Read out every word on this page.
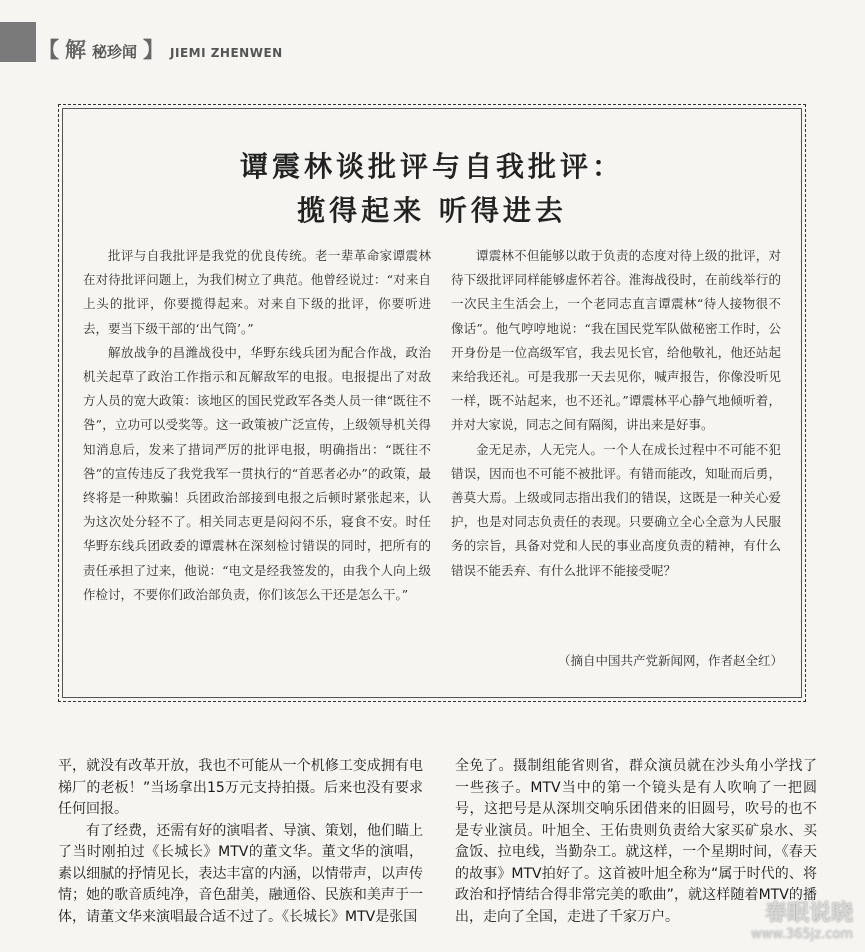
【 解 秘珍闻 】 JIEMI ZHENWEN
谭震林谈批评与自我批评：
揽得起来 听得进去

批评与自我批评是我党的优良传统。老一辈革命家谭震林在对待批评问题上，为我们树立了典范。他曾经说过：“对来自上头的批评，你要揽得起来。对来自下级的批评，你要听进去，要当下级干部的‘出气筒’。”

解放战争的昌潍战役中，华野东线兵团为配合作战，政治机关起草了政治工作指示和瓦解敌军的电报。电报提出了对敌方人员的宽大政策：该地区的国民党政军各类人员一律“既往不咎”，立功可以受奖等。这一政策被广泛宣传，上级领导机关得知消息后，发来了措词严厉的批评电报，明确指出：“既往不咎”的宣传违反了我党我军一贯执行的“首恶者必办”的政策，最终将是一种欺骗！兵团政治部接到电报之后顿时紧张起来，认为这次处分轻不了。相关同志更是闷闷不乐，寝食不安。时任华野东线兵团政委的谭震林在深刻检讨错误的同时，把所有的责任承担了过来，他说：“电文是经我签发的，由我个人向上级作检讨，不要你们政治部负责，你们该怎么干还是怎么干。”

谭震林不但能够以敢于负责的态度对待上级的批评，对待下级批评同样能够虚怀若谷。淮海战役时，在前线举行的一次民主生活会上，一个老同志直言谭震林“待人接物很不像话”。他气哼哼地说：“我在国民党军队做秘密工作时，公开身份是一位高级军官，我去见长官，给他敬礼，他还站起来给我还礼。可是我那一天去见你，喊声报告，你像没听见一样，既不站起来，也不还礼。”谭震林平心静气地倾听着，并对大家说，同志之间有隔阂，讲出来是好事。

金无足赤，人无完人。一个人在成长过程中不可能不犯错误，因而也不可能不被批评。有错而能改，知耻而后勇，善莫大焉。上级或同志指出我们的错误，这既是一种关心爱护，也是对同志负责任的表现。只要确立全心全意为人民服务的宗旨，具备对党和人民的事业高度负责的精神，有什么错误不能丢弃、有什么批评不能接受呢？

（摘自中国共产党新闻网，作者赵全红）

平，就没有改革开放，我也不可能从一个机修工变成拥有电梯厂的老板！”当场拿出15万元支持拍摄。后来也没有要求任何回报。

有了经费，还需有好的演唱者、导演、策划，他们瞄上了当时刚拍过《长城长》MTV的董文华。董文华的演唱，素以细腻的抒情见长，表达丰富的内涵，以情带声，以声传情；她的歌音质纯净，音色甜美，融通俗、民族和美声于一体，请董文华来演唱最合适不过了。《长城长》MTV是张国

全免了。摄制组能省则省，群众演员就在沙头角小学找了一些孩子。MTV当中的第一个镜头是有人吹响了一把圆号，这把号是从深圳交响乐团借来的旧圆号，吹号的也不是专业演员。叶旭全、王佑贵则负责给大家买矿泉水、买盒饭、拉电线，当勤杂工。就这样，一个星期时间，《春天的故事》MTV拍好了。这首被叶旭全称为“属于时代的、将政治和抒情结合得非常完美的歌曲”，就这样随着MTV的播出，走向了全国，走进了千家万户。	春眠说晓
www.365jz.com
